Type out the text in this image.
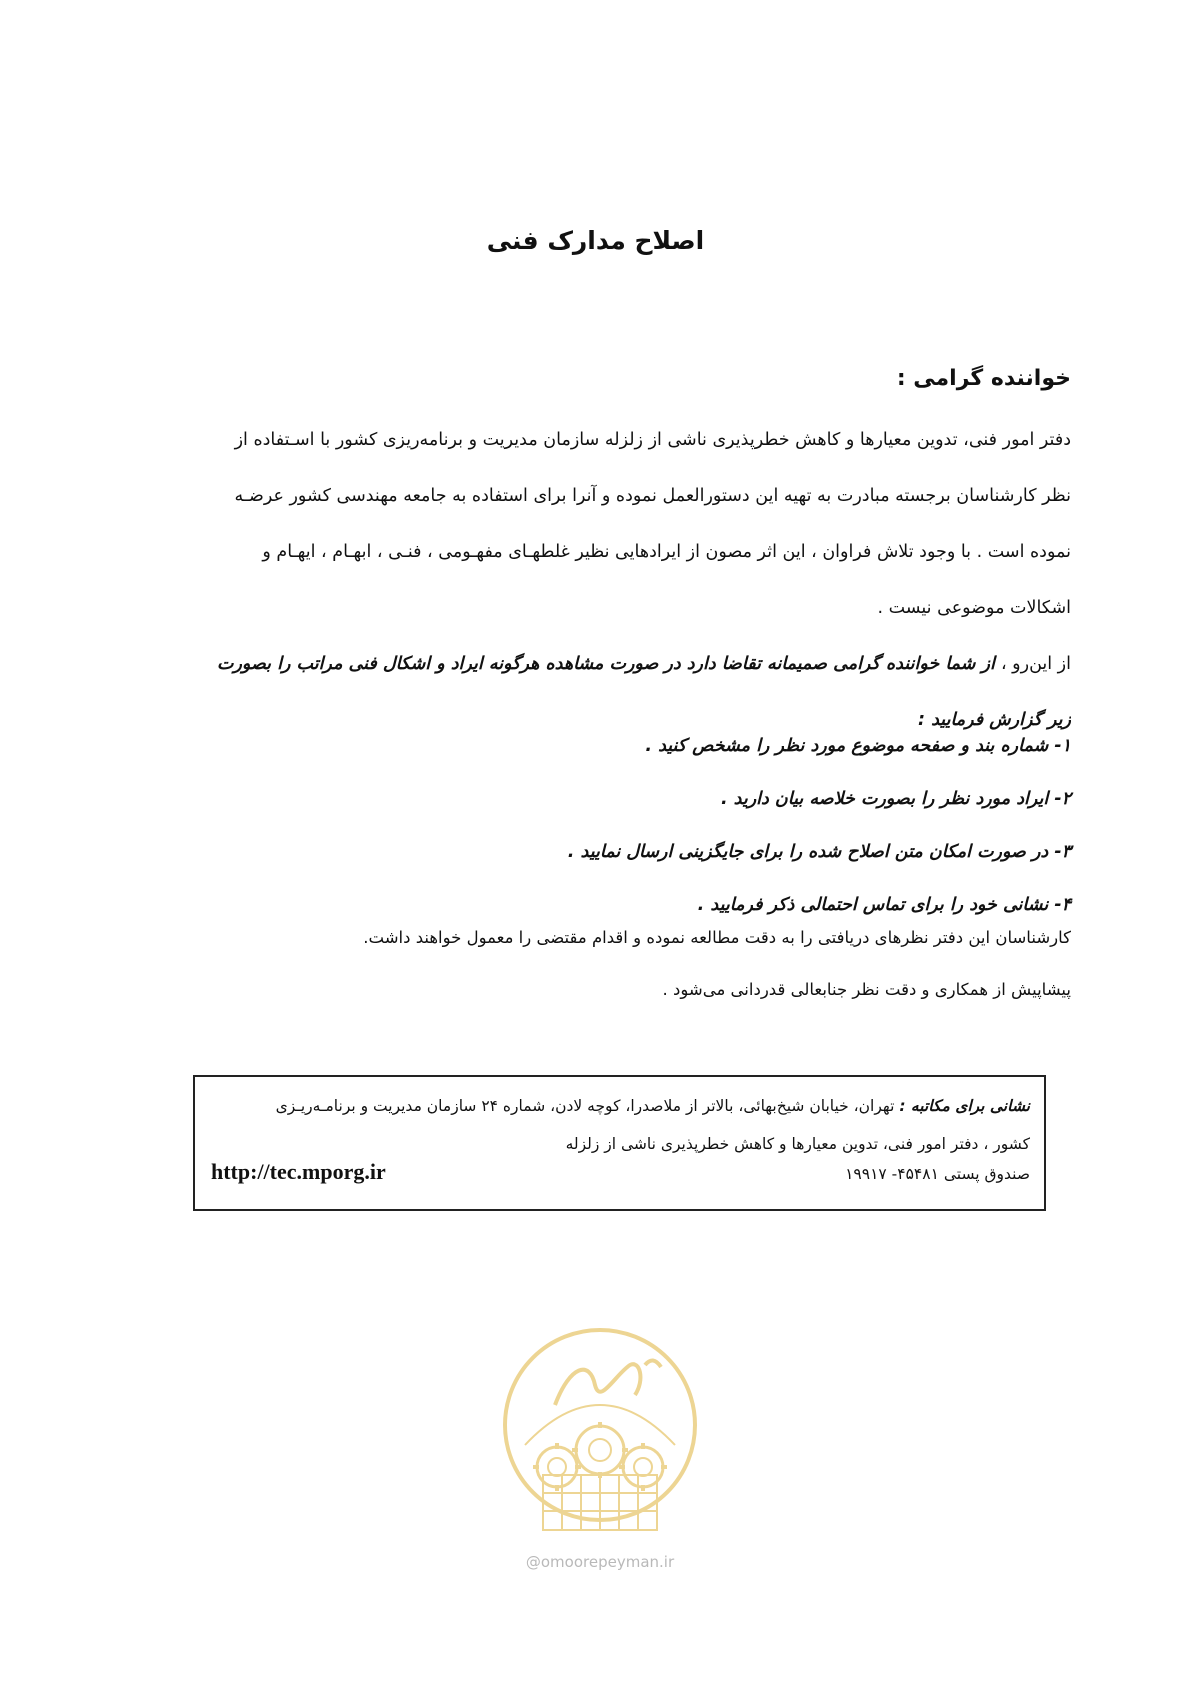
اصلاح مدارک فنی
خواننده گرامی :
دفتر امور فنی، تدوین معیارها و کاهش خطرپذیری ناشی از زلزله سازمان مدیریت و برنامه‌ریزی کشور با اسـتفاده از
نظر کارشناسان برجسته مبادرت به تهیه این دستورالعمل نموده و آنرا برای استفاده به جامعه مهندسی کشور عرضـه
نموده است . با وجود تلاش فراوان ، این اثر مصون از ایرادهایی نظیر غلطهـای مفهـومی ، فنـی ، ابهـام ، ایهـام و
اشکالات موضوعی نیست .
از این‌رو ، از شما خواننده گرامی صمیمانه تقاضا دارد در صورت مشاهده هرگونه ایراد و اشکال فنی مراتب را بصورت
زیر گزارش فرمایید :
۱- شماره بند و صفحه موضوع مورد نظر را مشخص کنید .
۲- ایراد مورد نظر را بصورت خلاصه بیان دارید .
۳- در صورت امکان متن اصلاح شده را برای جایگزینی ارسال نمایید .
۴- نشانی خود را برای تماس احتمالی ذکر فرمایید .
کارشناسان این دفتر نظرهای دریافتی را به دقت مطالعه نموده و اقدام مقتضی را معمول خواهند داشت.
پیشاپیش از همکاری و دقت نظر جنابعالی قدردانی می‌شود .
نشانی برای مکاتبه : تهران، خیابان شیخ‌بهائی، بالاتر از ملاصدرا، کوچه لادن، شماره ۲۴ سازمان مدیریت و برنامـه‌ریـزی
کشور ، دفتر امور فنی، تدوین معیارها و کاهش خطرپذیری ناشی از زلزله
صندوق پستی ۴۵۴۸۱- ۱۹۹۱۷
http://tec.mporg.ir
@omoorepeyman.ir
